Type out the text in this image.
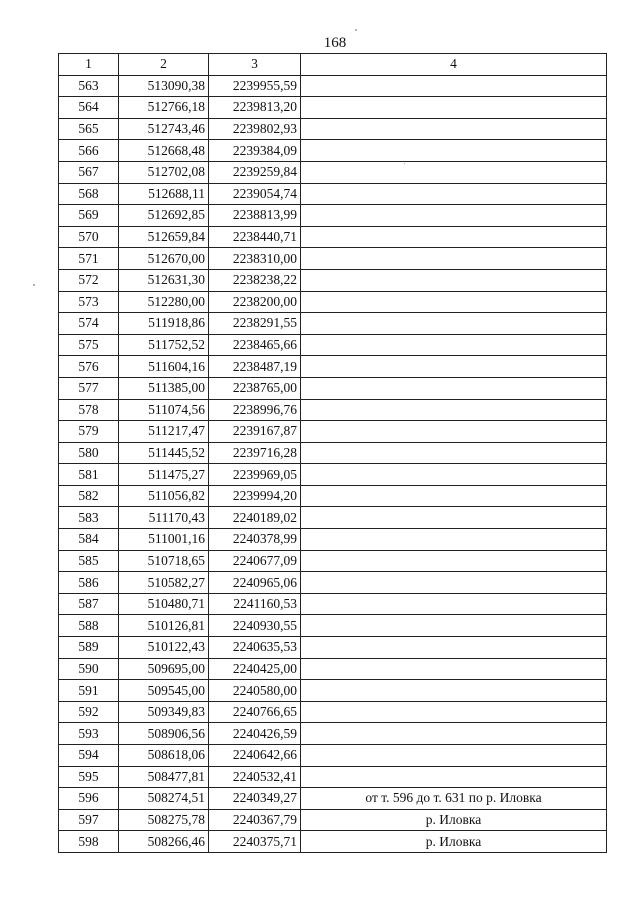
168
1	2	3	4
563	513090,38	2239955,59	
564	512766,18	2239813,20	
565	512743,46	2239802,93	
566	512668,48	2239384,09	
567	512702,08	2239259,84	
568	512688,11	2239054,74	
569	512692,85	2238813,99	
570	512659,84	2238440,71	
571	512670,00	2238310,00	
572	512631,30	2238238,22	
573	512280,00	2238200,00	
574	511918,86	2238291,55	
575	511752,52	2238465,66	
576	511604,16	2238487,19	
577	511385,00	2238765,00	
578	511074,56	2238996,76	
579	511217,47	2239167,87	
580	511445,52	2239716,28	
581	511475,27	2239969,05	
582	511056,82	2239994,20	
583	511170,43	2240189,02	
584	511001,16	2240378,99	
585	510718,65	2240677,09	
586	510582,27	2240965,06	
587	510480,71	2241160,53	
588	510126,81	2240930,55	
589	510122,43	2240635,53	
590	509695,00	2240425,00	
591	509545,00	2240580,00	
592	509349,83	2240766,65	
593	508906,56	2240426,59	
594	508618,06	2240642,66	
595	508477,81	2240532,41	
596	508274,51	2240349,27	от т. 596 до т. 631 по р. Иловка
597	508275,78	2240367,79	р. Иловка
598	508266,46	2240375,71	р. Иловка
